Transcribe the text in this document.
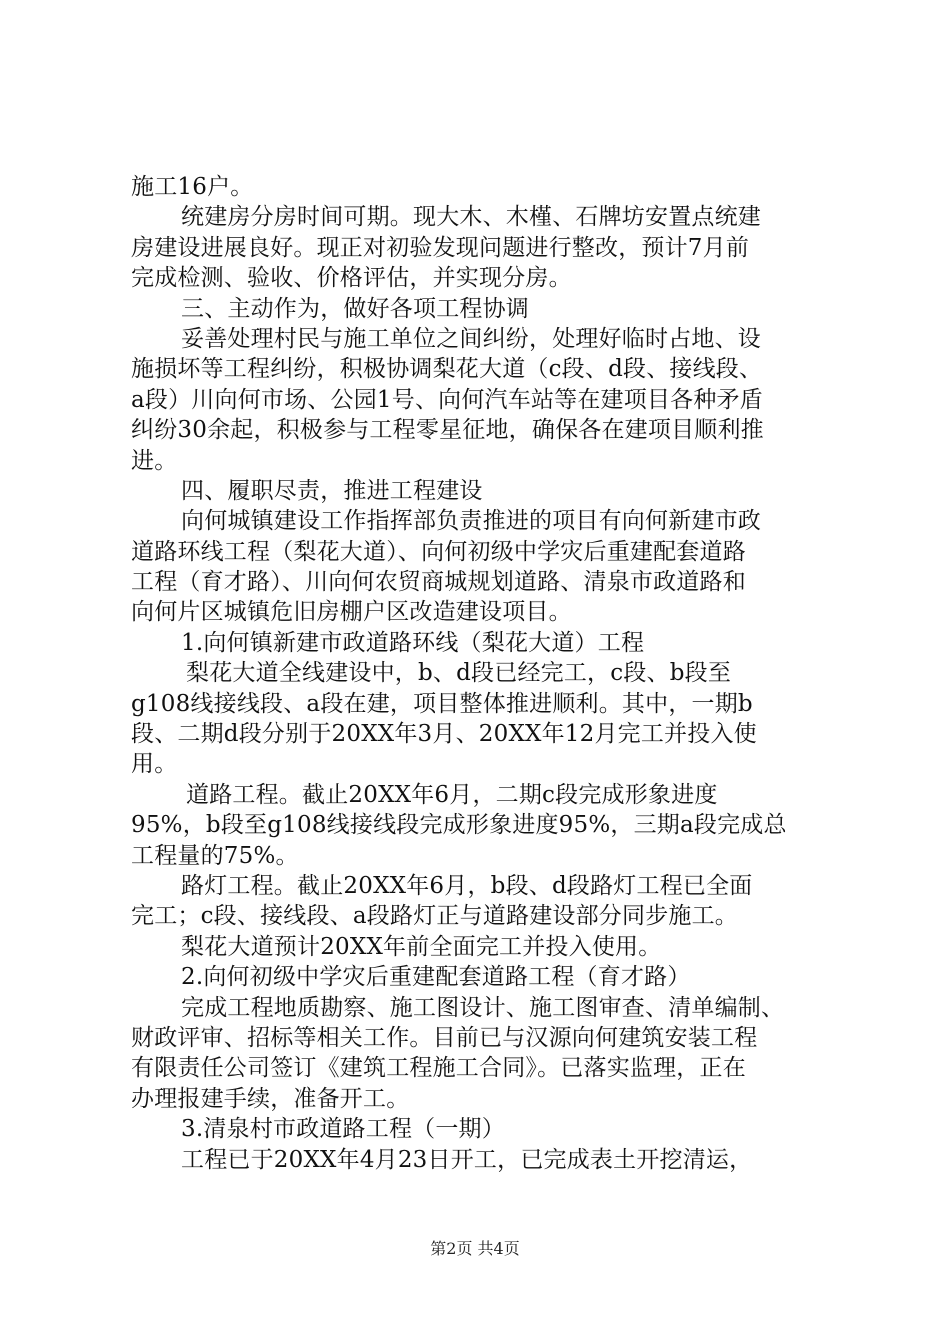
施工16户。
统建房分房时间可期。现大木、木槿、石牌坊安置点统建
房建设进展良好。现正对初验发现问题进行整改，预计7月前
完成检测、验收、价格评估，并实现分房。
三、主动作为，做好各项工程协调
妥善处理村民与施工单位之间纠纷，处理好临时占地、设
施损坏等工程纠纷，积极协调梨花大道（c段、d段、接线段、
a段）川向何市场、公园1号、向何汽车站等在建项目各种矛盾
纠纷30余起，积极参与工程零星征地，确保各在建项目顺利推
进。
四、履职尽责，推进工程建设
向何城镇建设工作指挥部负责推进的项目有向何新建市政
道路环线工程（梨花大道）、向何初级中学灾后重建配套道路
工程（育才路）、川向何农贸商城规划道路、清泉市政道路和
向何片区城镇危旧房棚户区改造建设项目。
1.向何镇新建市政道路环线（梨花大道）工程
梨花大道全线建设中，b、d段已经完工，c段、b段至
g108线接线段、a段在建，项目整体推进顺利。其中，一期b
段、二期d段分别于20XX年3月、20XX年12月完工并投入使
用。
道路工程。截止20XX年6月，二期c段完成形象进度
95%，b段至g108线接线段完成形象进度95%，三期a段完成总
工程量的75%。
路灯工程。截止20XX年6月，b段、d段路灯工程已全面
完工；c段、接线段、a段路灯正与道路建设部分同步施工。
梨花大道预计20XX年前全面完工并投入使用。
2.向何初级中学灾后重建配套道路工程（育才路）
完成工程地质勘察、施工图设计、施工图审查、清单编制、
财政评审、招标等相关工作。目前已与汉源向何建筑安装工程
有限责任公司签订《建筑工程施工合同》。已落实监理，正在
办理报建手续，准备开工。
3.清泉村市政道路工程（一期）
工程已于20XX年4月23日开工，已完成表土开挖清运，
第2页 共4页
